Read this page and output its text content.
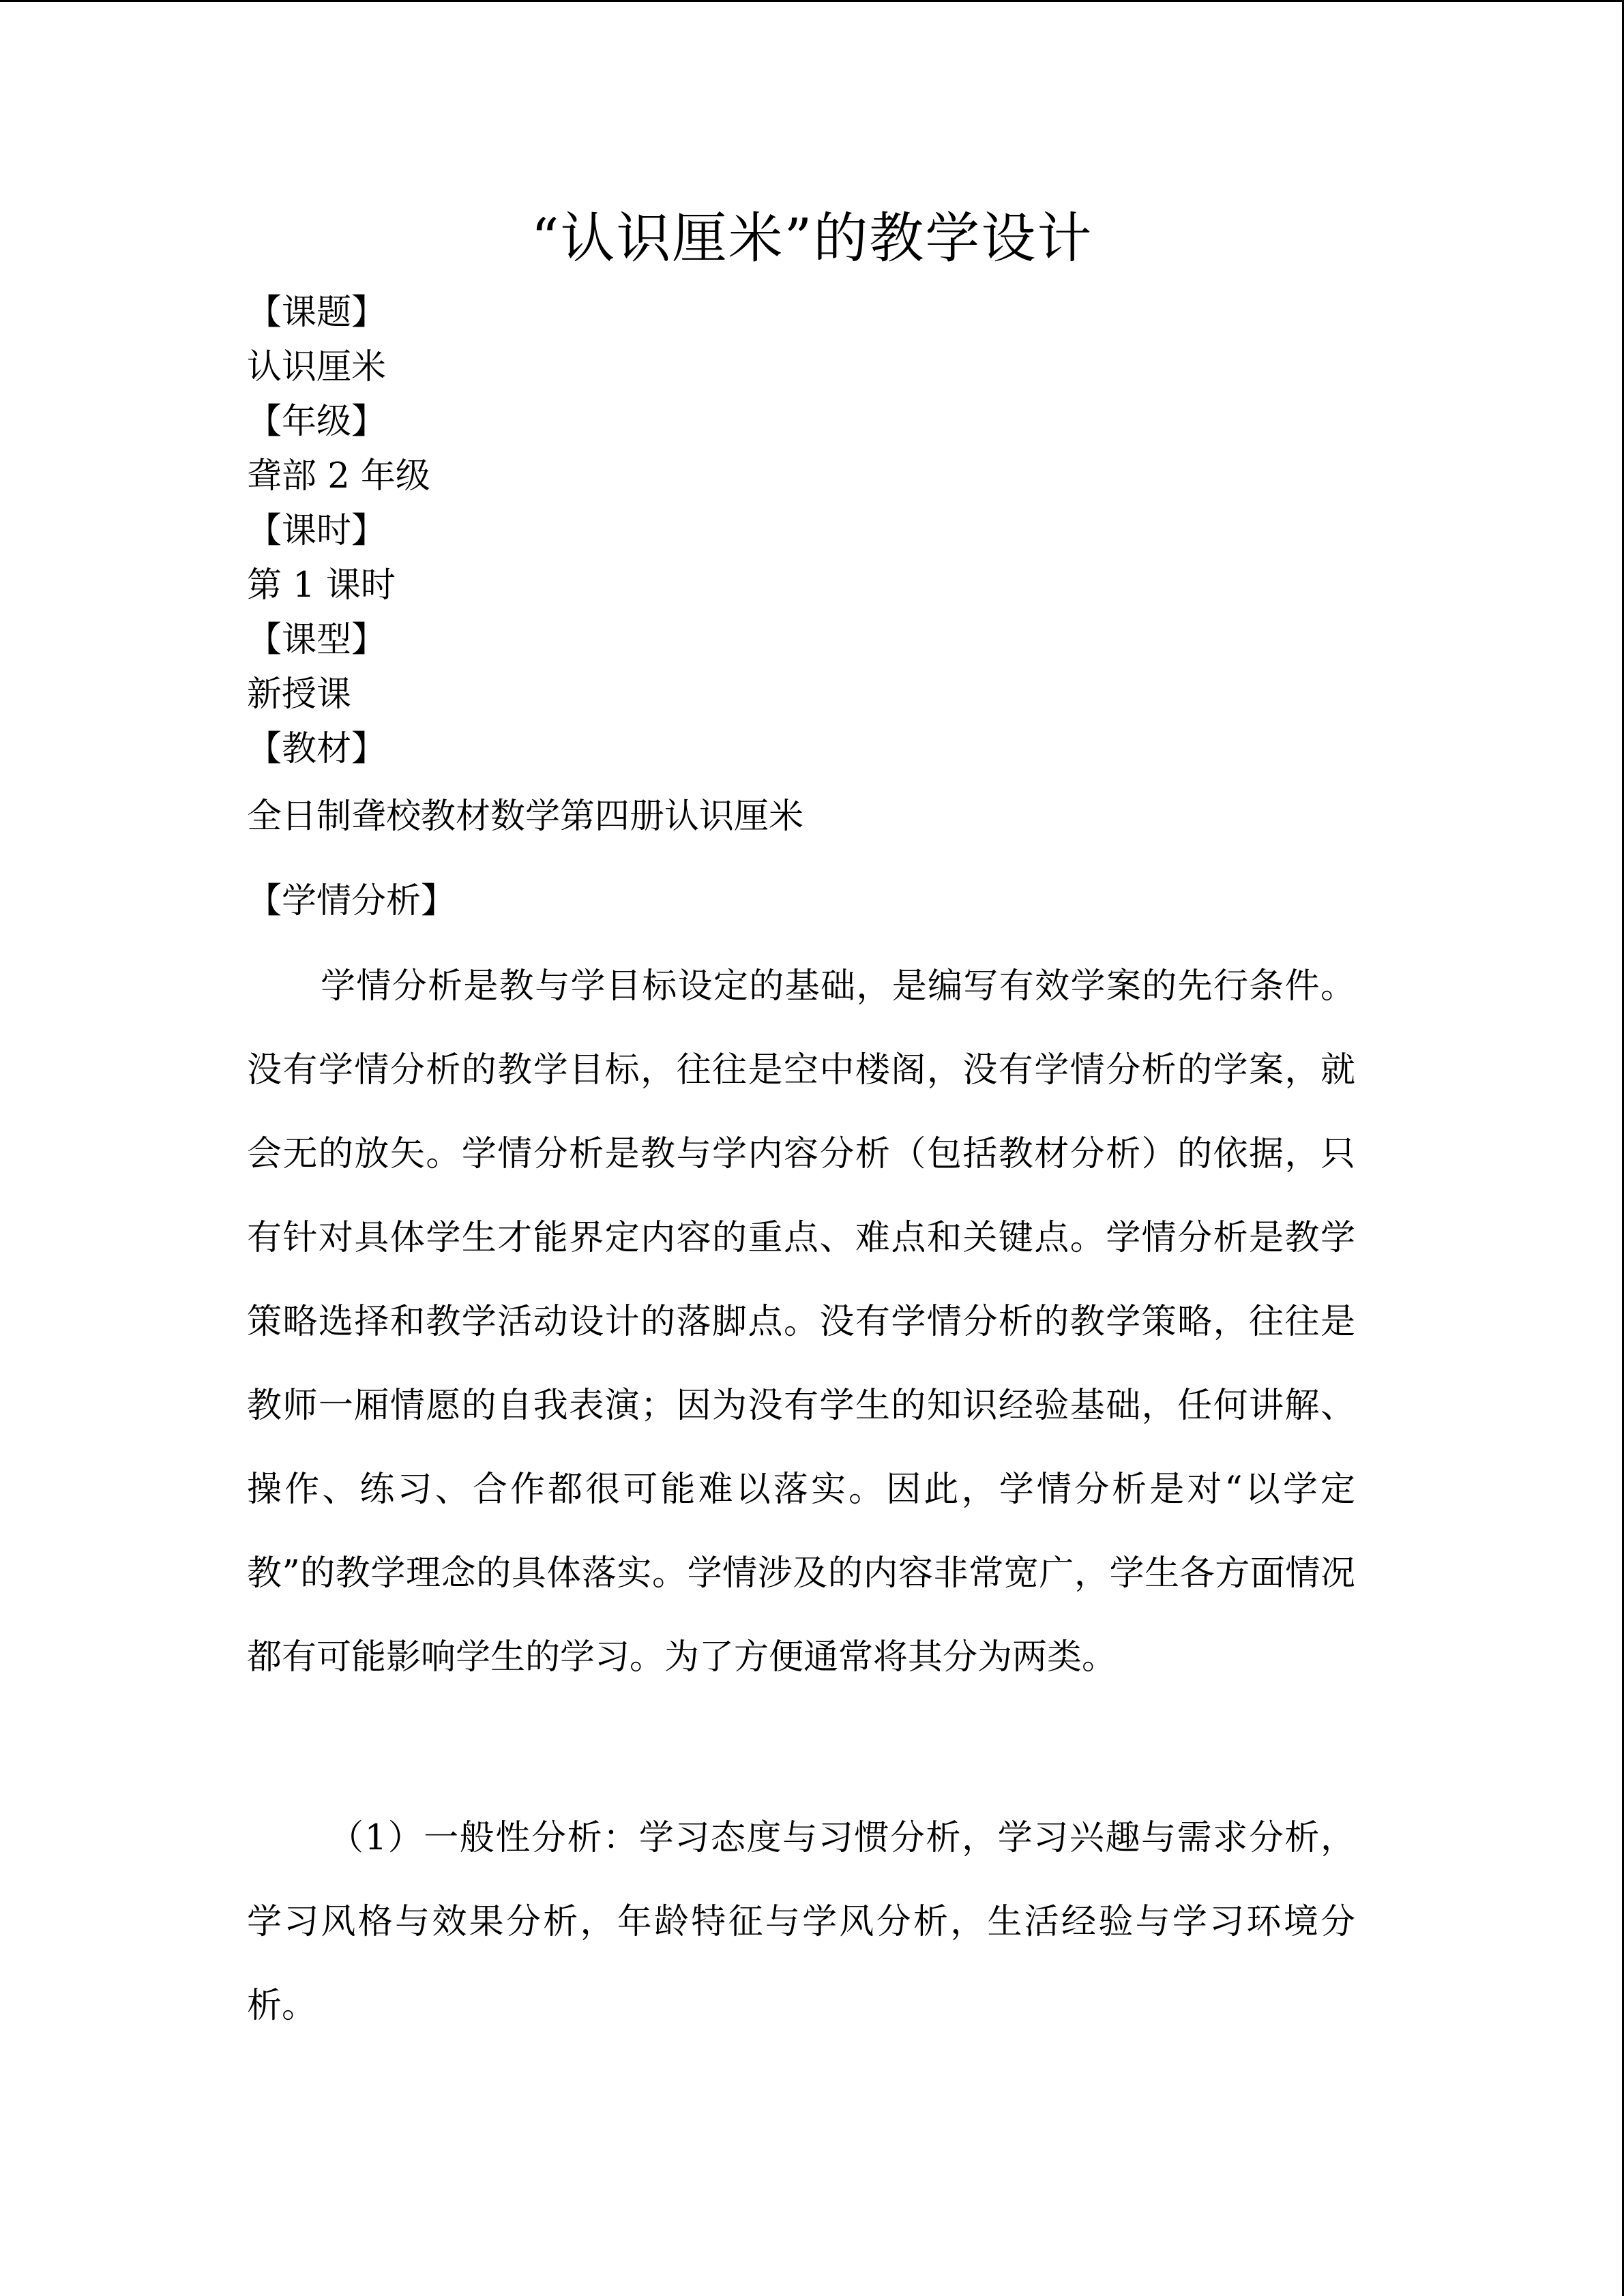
“认识厘米”的教学设计
【课题】
认识厘米
【年级】
聋部 2 年级
【课时】
第 1 课时
【课型】
新授课
【教材】
全日制聋校教材数学第四册认识厘米
【学情分析】

学情分析是教与学目标设定的基础，是编写有效学案的先行条件。没有学情分析的教学目标，往往是空中楼阁，没有学情分析的学案，就会无的放矢。学情分析是教与学内容分析（包括教材分析）的依据，只有针对具体学生才能界定内容的重点、难点和关键点。学情分析是教学策略选择和教学活动设计的落脚点。没有学情分析的教学策略，往往是教师一厢情愿的自我表演；因为没有学生的知识经验基础，任何讲解、操作、练习、合作都很可能难以落实。因此，学情分析是对“以学定教”的教学理念的具体落实。学情涉及的内容非常宽广，学生各方面情况都有可能影响学生的学习。为了方便通常将其分为两类。

（1）一般性分析：学习态度与习惯分析，学习兴趣与需求分析，学习风格与效果分析，年龄特征与学风分析，生活经验与学习环境分析。
